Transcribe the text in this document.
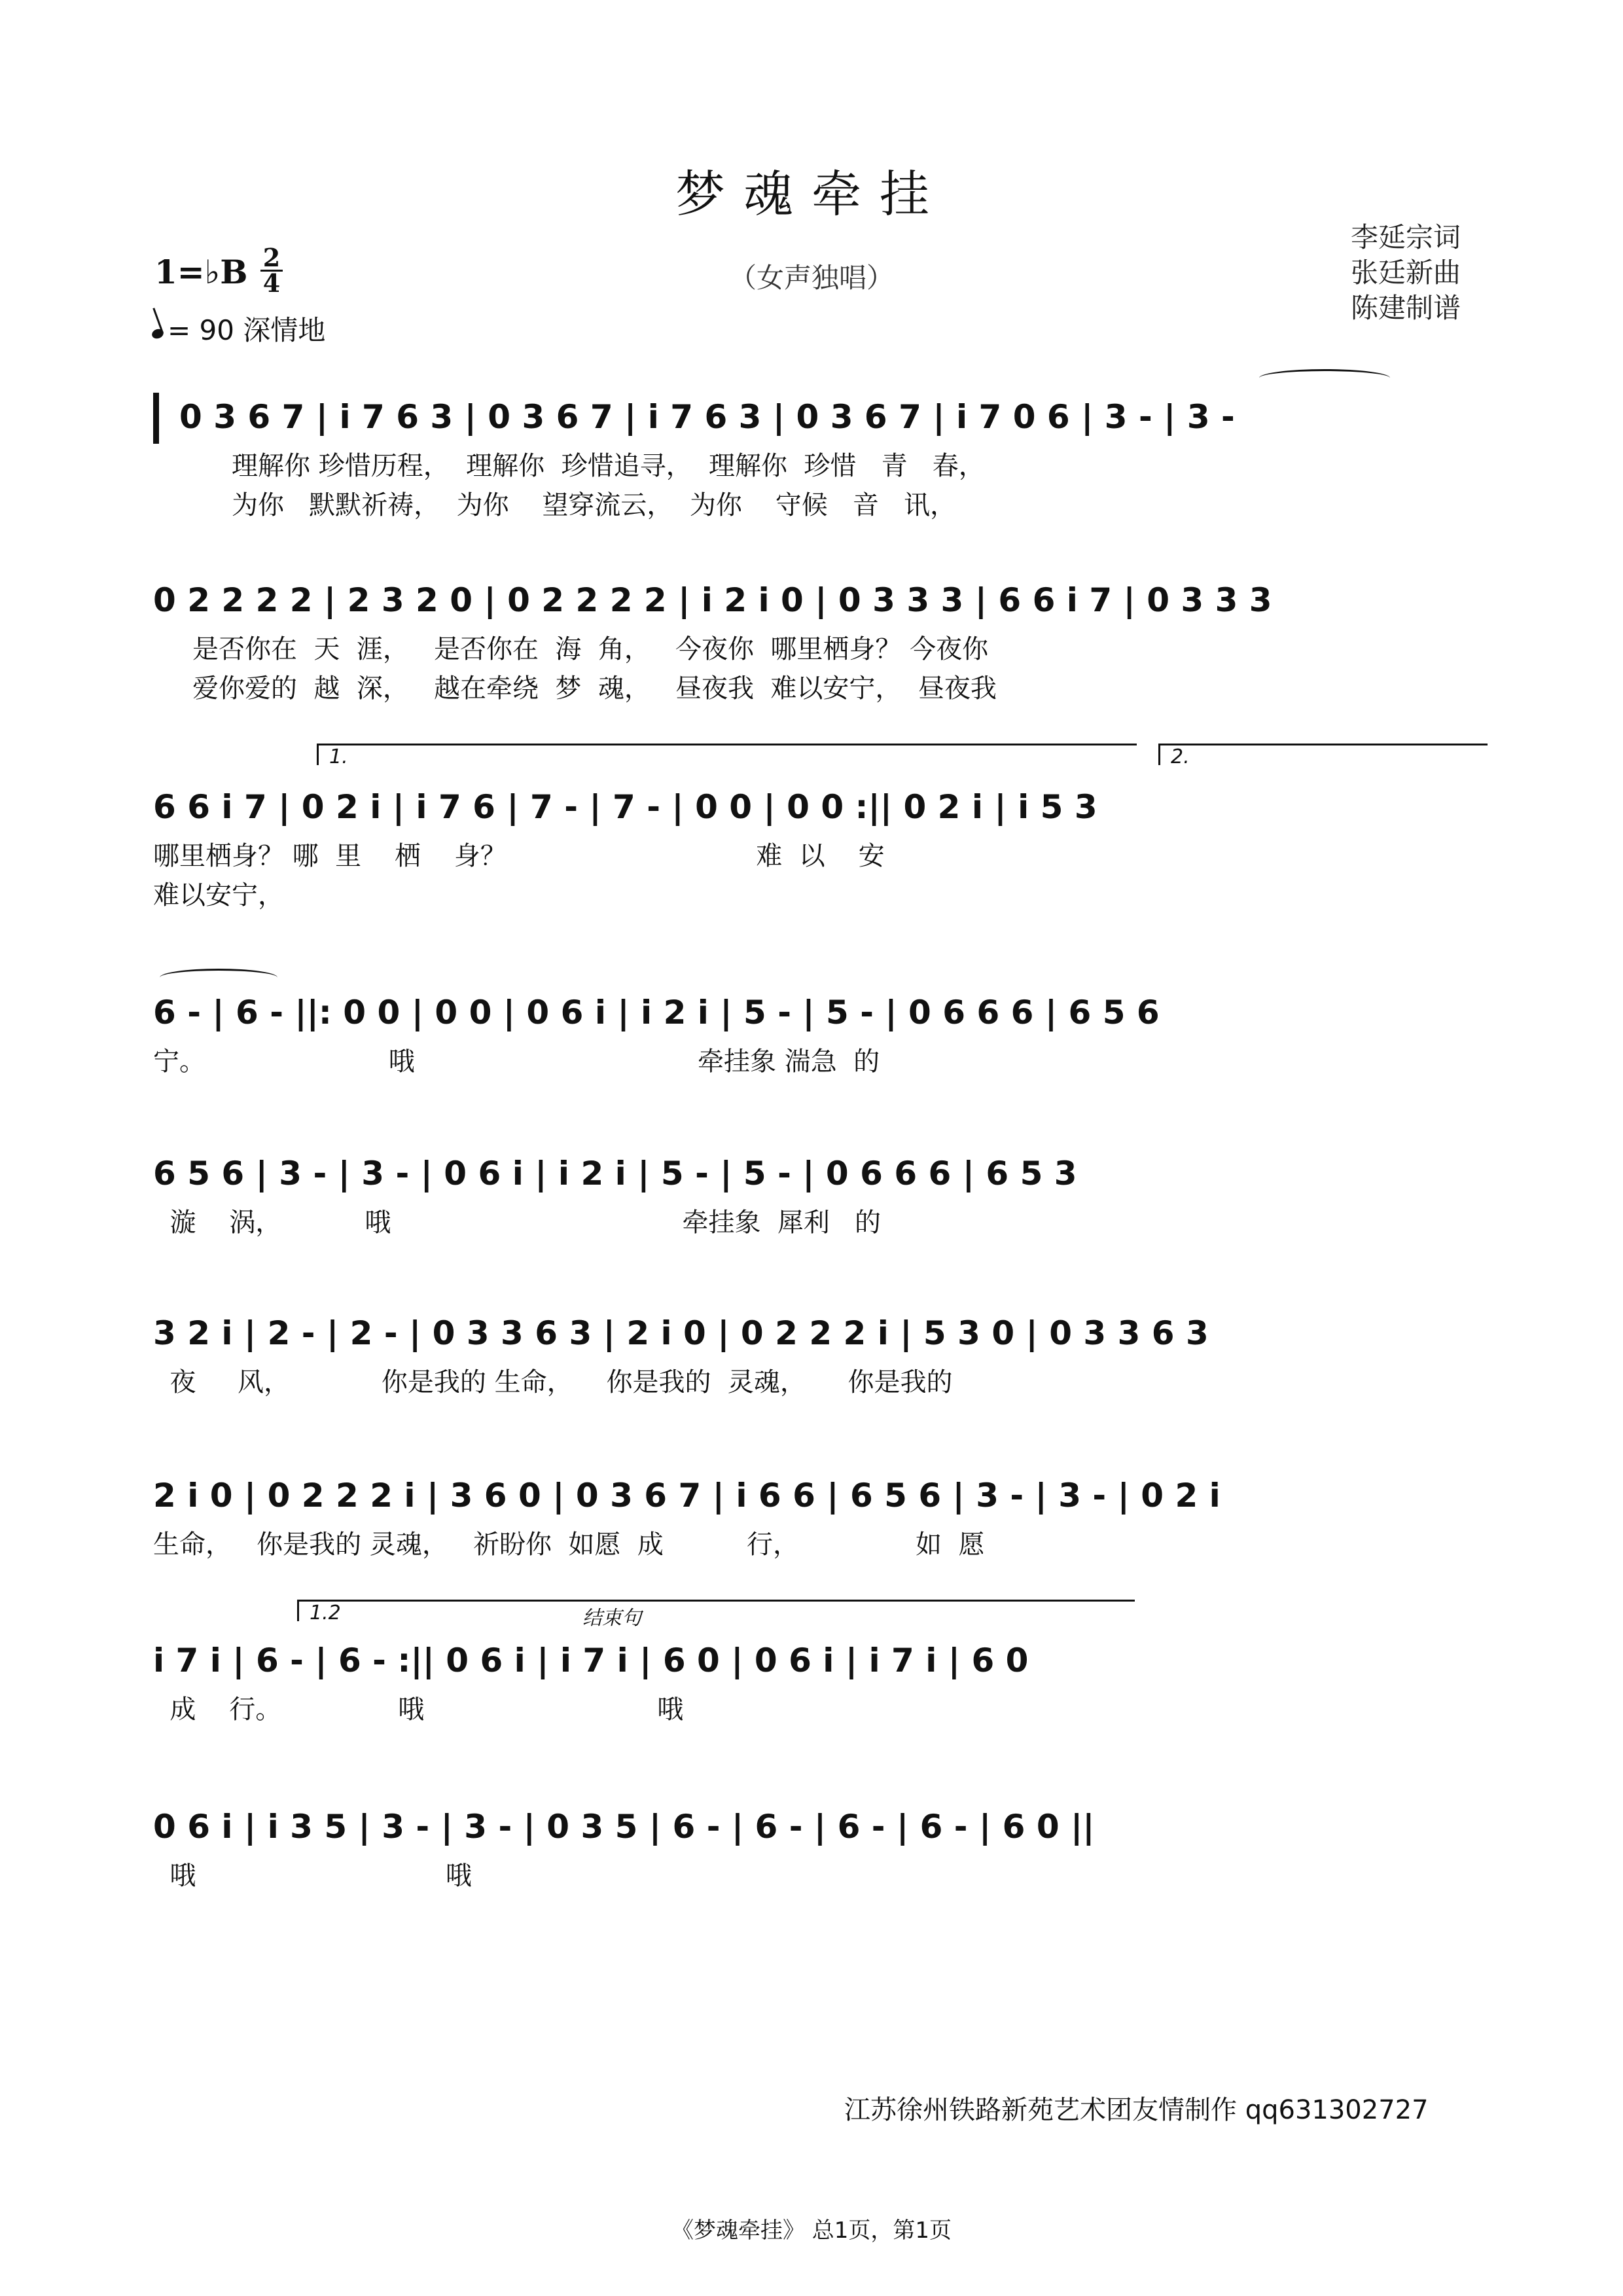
梦魂牵挂
（女声独唱）
李延宗词
张廷新曲
陈建制谱
1=♭B 2
4
= 90 深情地
0 3 6 7 | i 7 6 3 | 0 3 6 7 | i 7 6 3 | 0 3 6 7 | i 7 0 6 | 3 - | 3 -
理解你 珍惜历程，  理解你  珍惜追寻，  理解你  珍惜   青   春，
为你   默默祈祷，  为你    望穿流云，  为你    守候   音   讯，
0 2 2 2 2 | 2 3 2 0 | 0 2 2 2 2 | i 2 i 0 | 0 3 3 3 | 6 6 i 7 | 0 3 3 3
是否你在  天  涯，   是否你在  海  角，   今夜你  哪里栖身？ 今夜你
爱你爱的  越  深，   越在牵绕  梦  魂，   昼夜我  难以安宁，  昼夜我
1.	2.
6 6 i 7 | 0 2 i | i 7 6 | 7 - | 7 - | 0 0 | 0 0 :|| 0 2 i | i 5 3
哪里栖身？ 哪  里    栖    身？                              难  以    安
难以安宁，
6 - | 6 - ||: 0 0 | 0 0 | 0 6 i | i 2 i | 5 - | 5 - | 0 6 6 6 | 6 5 6
宁。                      哦                                  牵挂象 湍急  的
6 5 6 | 3 - | 3 - | 0 6 i | i 2 i | 5 - | 5 - | 0 6 6 6 | 6 5 3
漩    涡，          哦                                   牵挂象  犀利   的
3 2 i | 2 - | 2 - | 0 3 3 6 3 | 2 i 0 | 0 2 2 2 i | 5 3 0 | 0 3 3 6 3
夜     风，           你是我的 生命，    你是我的  灵魂，     你是我的
2 i 0 | 0 2 2 2 i | 3 6 0 | 0 3 6 7 | i 6 6 | 6 5 6 | 3 - | 3 - | 0 2 i
生命，   你是我的 灵魂，   祈盼你  如愿  成          行，              如  愿
1.2	结束句
i 7 i | 6 - | 6 - :|| 0 6 i | i 7 i | 6 0 | 0 6 i | i 7 i | 6 0
成    行。              哦                            哦
0 6 i | i 3 5 | 3 - | 3 - | 0 3 5 | 6 - | 6 - | 6 - | 6 - | 6 0 ||
哦                              哦
江苏徐州铁路新苑艺术团友情制作 qq631302727
《梦魂牵挂》 总1页，第1页
